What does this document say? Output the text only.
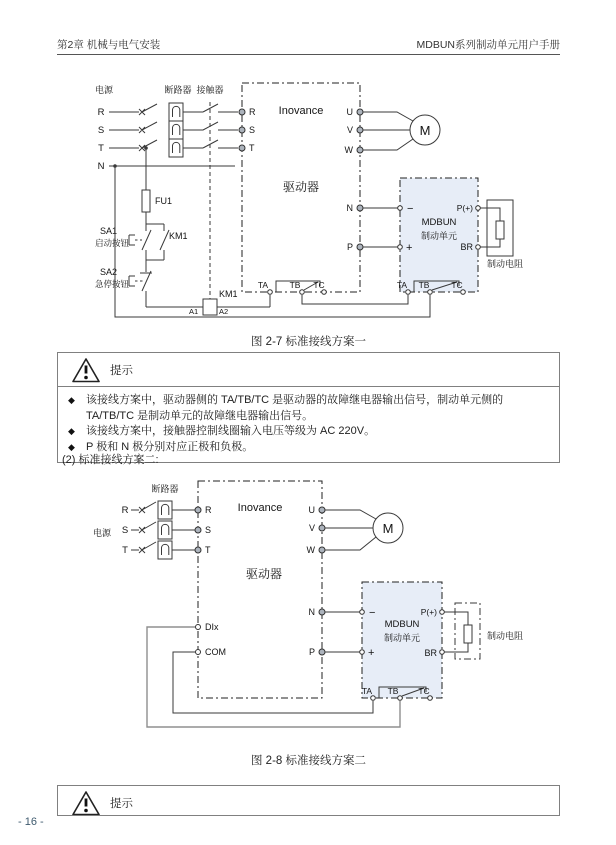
第2章 机械与电气安装	MDBUN系列制动单元用户手册
Inovance
驱动器
MDBUN
制动单元
电源
R
S
T
N
断路器 接触器
FU1
SA1
启动按钮
KM1
SA2
急停按钮
KM1
A1	A2
R
S
T
U
V
W
N
P
M
−
+
P(+)
BR
制动电阻
TA	TB TC	TA TB	TC
图 2-7 标准接线方案一
提示
◆	该接线方案中，驱动器侧的 TA/TB/TC 是驱动器的故障继电器输出信号，制动单元侧的 TA/TB/TC 是制动单元的故障继电器输出信号。
◆	该接线方案中，接触器控制线圈输入电压等级为 AC 220V。
◆	P 极和 N 极分别对应正极和负极。
(2) 标准接线方案二:
Inovance
驱动器
MDBUN
制动单元
电源
R
S
T
断路器
R
S
T
U
V
W
DIx
COM
N
P
M
−
+
P(+)
BR
制动电阻
TA TB TC
图 2-8 标准接线方案二
提示
- 16 -
